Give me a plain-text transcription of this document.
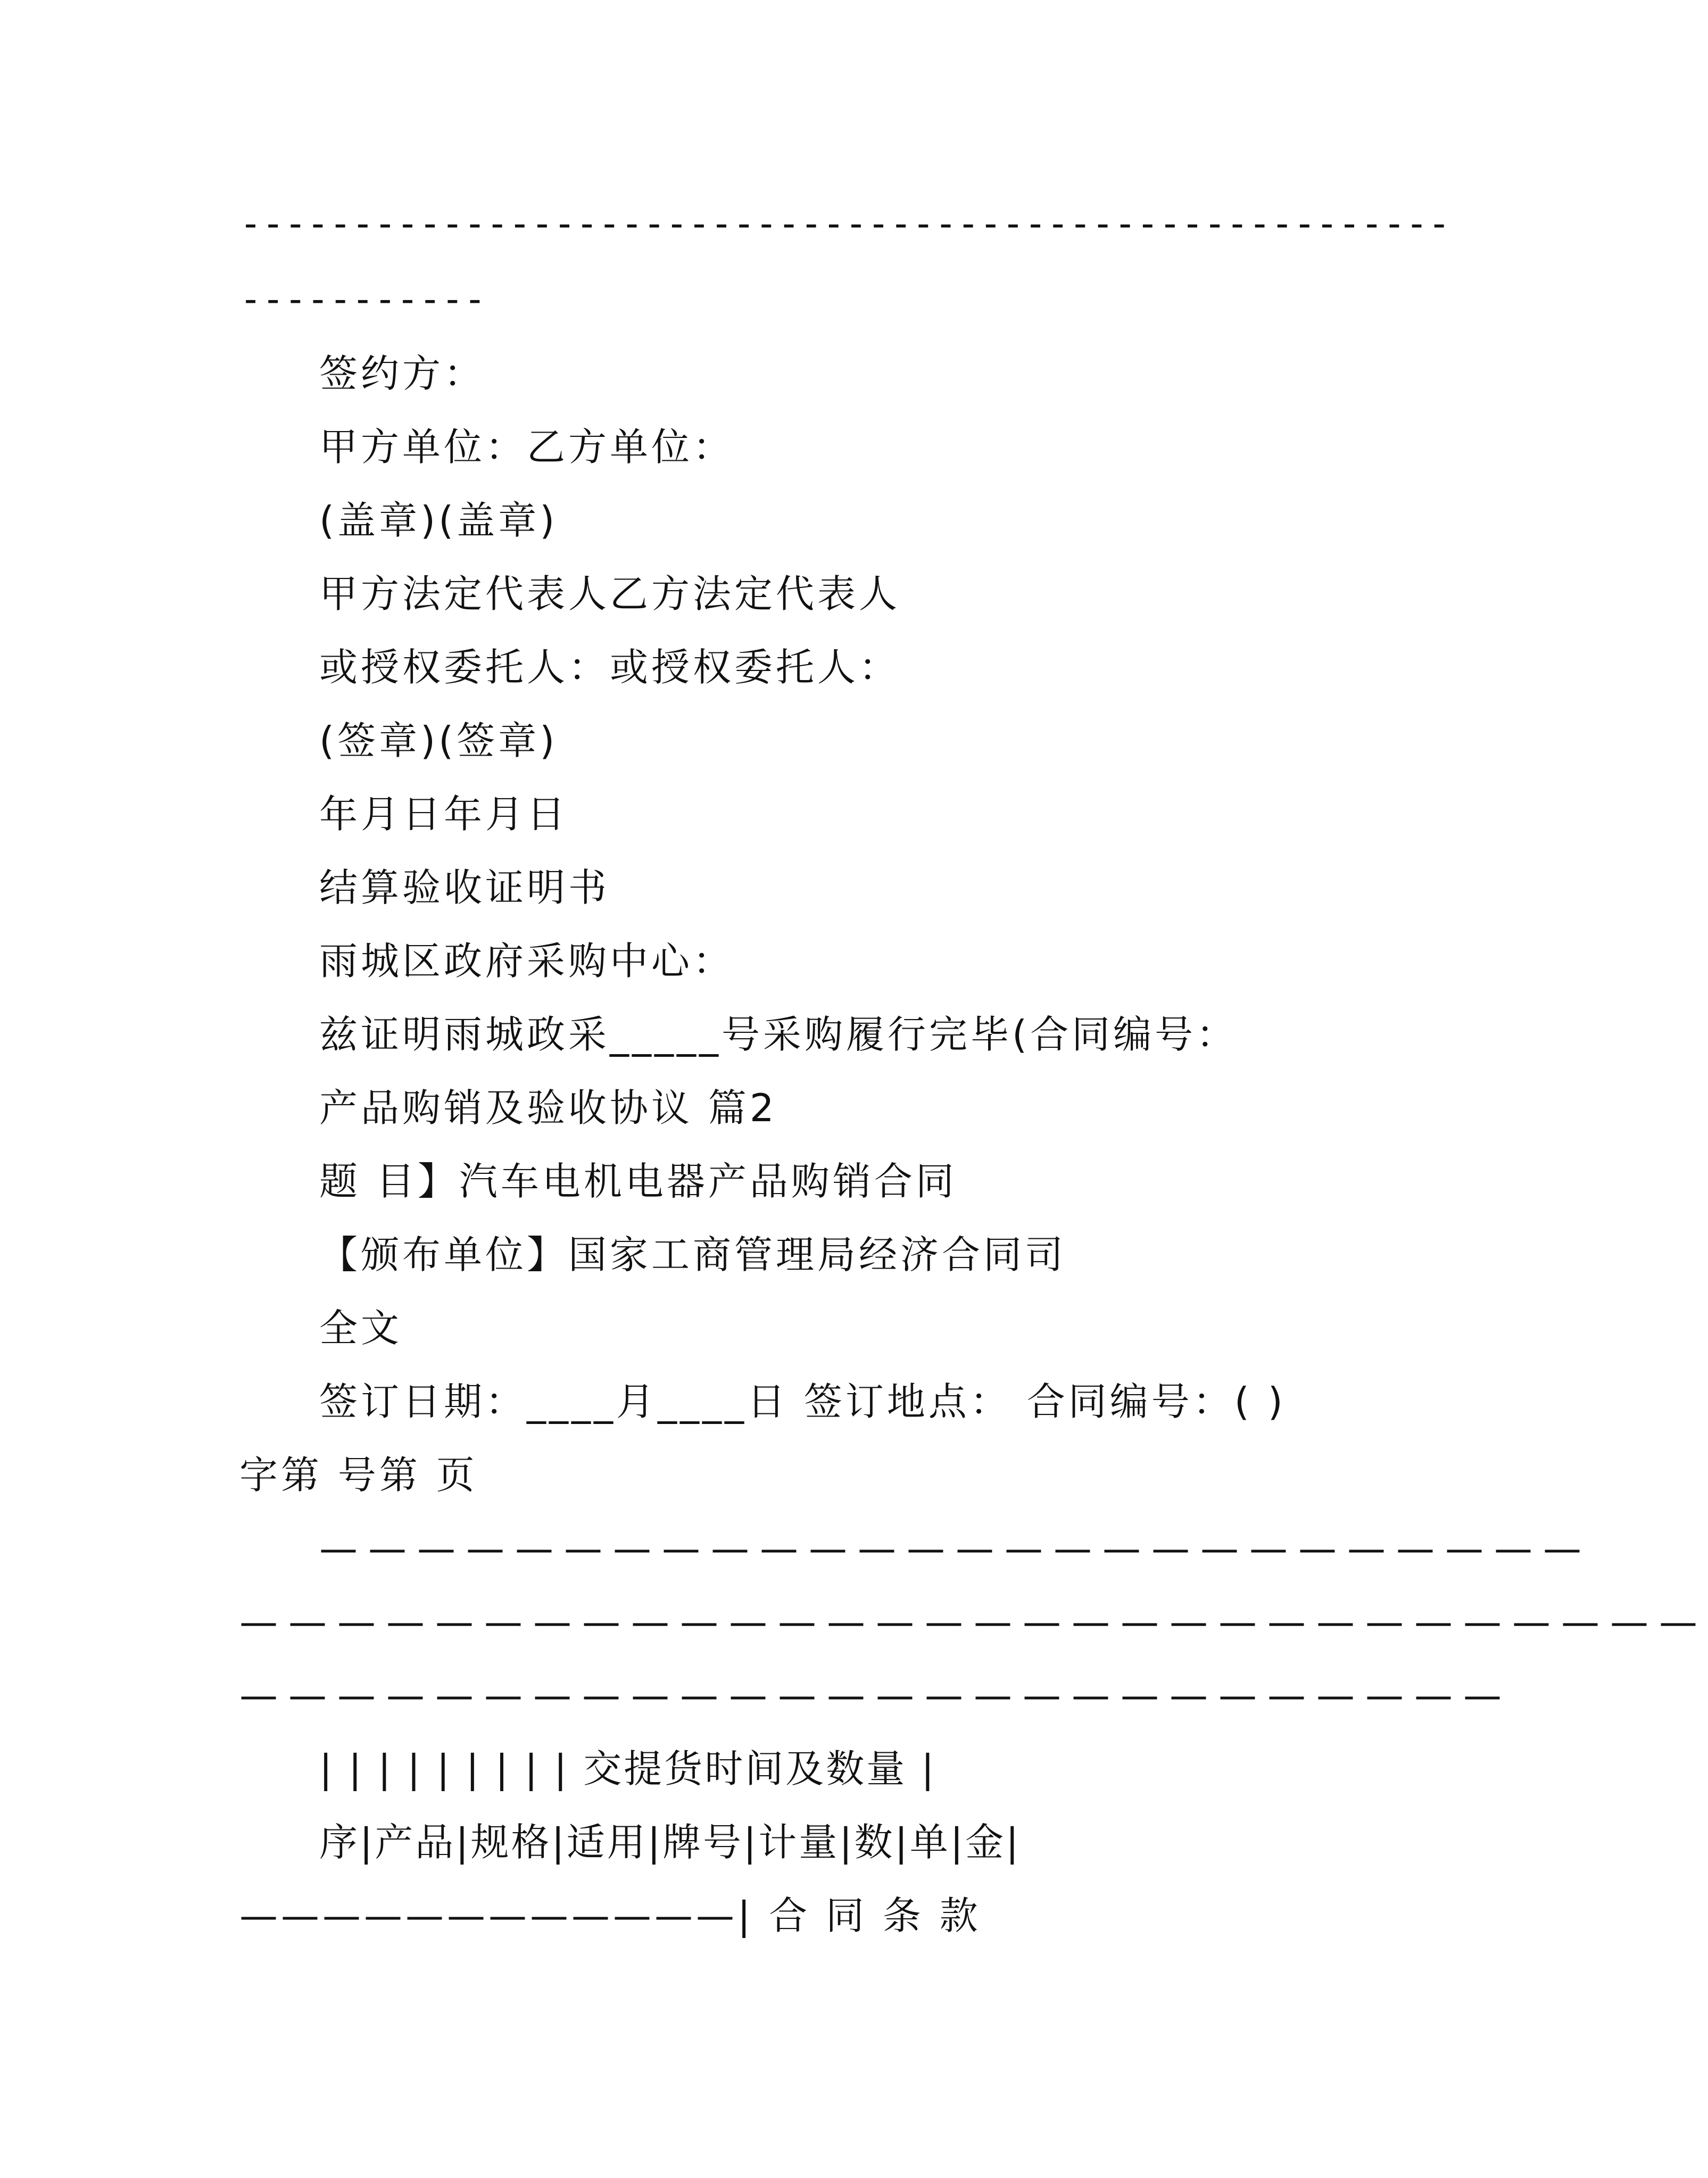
------------------------------------------------------
-----------
签约方：
甲方单位：乙方单位：
(盖章)(盖章)
甲方法定代表人乙方法定代表人
或授权委托人：或授权委托人：
(签章)(签章)
年月日年月日
结算验收证明书
雨城区政府采购中心：
兹证明雨城政采_____号采购履行完毕(合同编号：
产品购销及验收协议 篇2
题 目】汽车电机电器产品购销合同
【颁布单位】国家工商管理局经济合同司
全文
签订日期：____月____日 签订地点： 合同编号：( )
字第 号第 页
——————————————————————————
——————————————————————————————
——————————————————————————
| | | | | | | | | 交提货时间及数量 |
序|产品|规格|适用|牌号|计量|数|单|金|
————————————| 合 同 条 款
